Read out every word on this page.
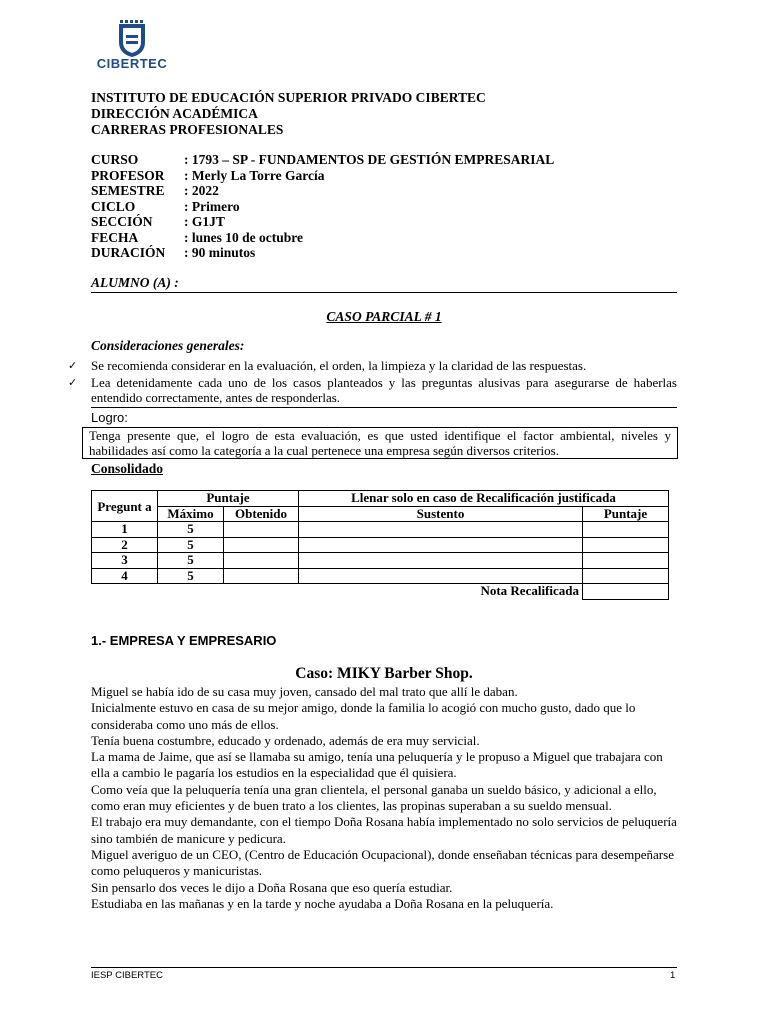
CIBERTEC
INSTITUTO DE EDUCACIÓN SUPERIOR PRIVADO CIBERTEC
DIRECCIÓN ACADÉMICA
CARRERAS PROFESIONALES
CURSO	: 1793 – SP - FUNDAMENTOS DE GESTIÓN EMPRESARIAL
PROFESOR : Merly La Torre García
SEMESTRE : 2022
CICLO	: Primero
SECCIÓN : G1JT
FECHA	: lunes 10 de octubre
DURACIÓN : 90 minutos
ALUMNO (A) :
CASO PARCIAL # 1
Consideraciones generales:
✓ Se recomienda considerar en la evaluación, el orden, la limpieza y la claridad de las respuestas.
✓ Lea detenidamente cada uno de los casos planteados y las preguntas alusivas para asegurarse de haberlas entendido correctamente, antes de responderlas.
Logro:
Tenga presente que, el logro de esta evaluación, es que usted identifique el factor ambiental, niveles y habilidades así como la categoría a la cual pertenece una empresa según diversos criterios.
Consolidado
Pregunt a	Puntaje		Llenar solo en caso de Recalificación justificada	
	Máximo	Obtenido	Sustento	Puntaje
1	5			
2	5			
3	5			
4	5			
Nota Recalificada				
1.- EMPRESA Y EMPRESARIO
Caso: MIKY Barber Shop.

Miguel se había ido de su casa muy joven, cansado del mal trato que allí le daban.

Inicialmente estuvo en casa de su mejor amigo, donde la familia lo acogió con mucho gusto, dado que lo consideraba como uno más de ellos.

Tenía buena costumbre, educado y ordenado, además de era muy servicial.

La mama de Jaime, que así se llamaba su amigo, tenía una peluquería y le propuso a Miguel que trabajara con ella a cambio le pagaría los estudios en la especialidad que él quisiera.

Como veía que la peluquería tenía una gran clientela, el personal ganaba un sueldo básico, y adicional a ello, como eran muy eficientes y de buen trato a los clientes, las propinas superaban a su sueldo mensual.

El trabajo era muy demandante, con el tiempo Doña Rosana había implementado no solo servicios de peluquería sino también de manicure y pedicura.

Miguel averiguo de un CEO, (Centro de Educación Ocupacional), donde enseñaban técnicas para desempeñarse como peluqueros y manicuristas.

Sin pensarlo dos veces le dijo a Doña Rosana que eso quería estudiar.

Estudiaba en las mañanas y en la tarde y noche ayudaba a Doña Rosana en la peluquería.

IESP CIBERTEC	1
